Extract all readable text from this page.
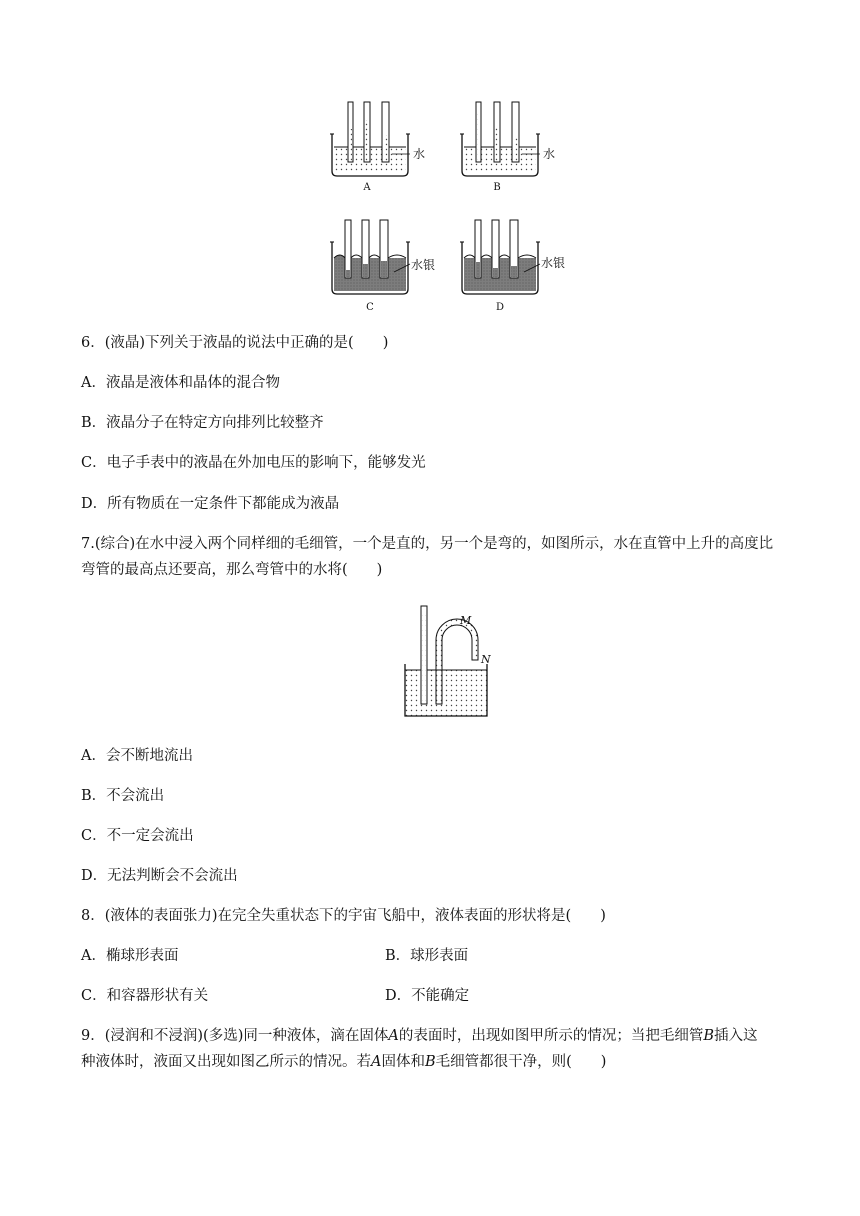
水
A
水
B
水银
C
水银
D
6．(液晶)下列关于液晶的说法中正确的是(　　)
A．液晶是液体和晶体的混合物
B．液晶分子在特定方向排列比较整齐
C．电子手表中的液晶在外加电压的影响下，能够发光
D．所有物质在一定条件下都能成为液晶
7.(综合)在水中浸入两个同样细的毛细管，一个是直的，另一个是弯的，如图所示，水在直管中上升的高度比
弯管的最高点还要高，那么弯管中的水将(　　)
M
N
A．会不断地流出
B．不会流出
C．不一定会流出
D．无法判断会不会流出
8．(液体的表面张力)在完全失重状态下的宇宙飞船中，液体表面的形状将是(　　)
A．椭球形表面	B．球形表面
C．和容器形状有关	D．不能确定
9．(浸润和不浸润)(多选)同一种液体，滴在固体A的表面时，出现如图甲所示的情况；当把毛细管B插入这
种液体时，液面又出现如图乙所示的情况。若A固体和B毛细管都很干净，则(　　)
